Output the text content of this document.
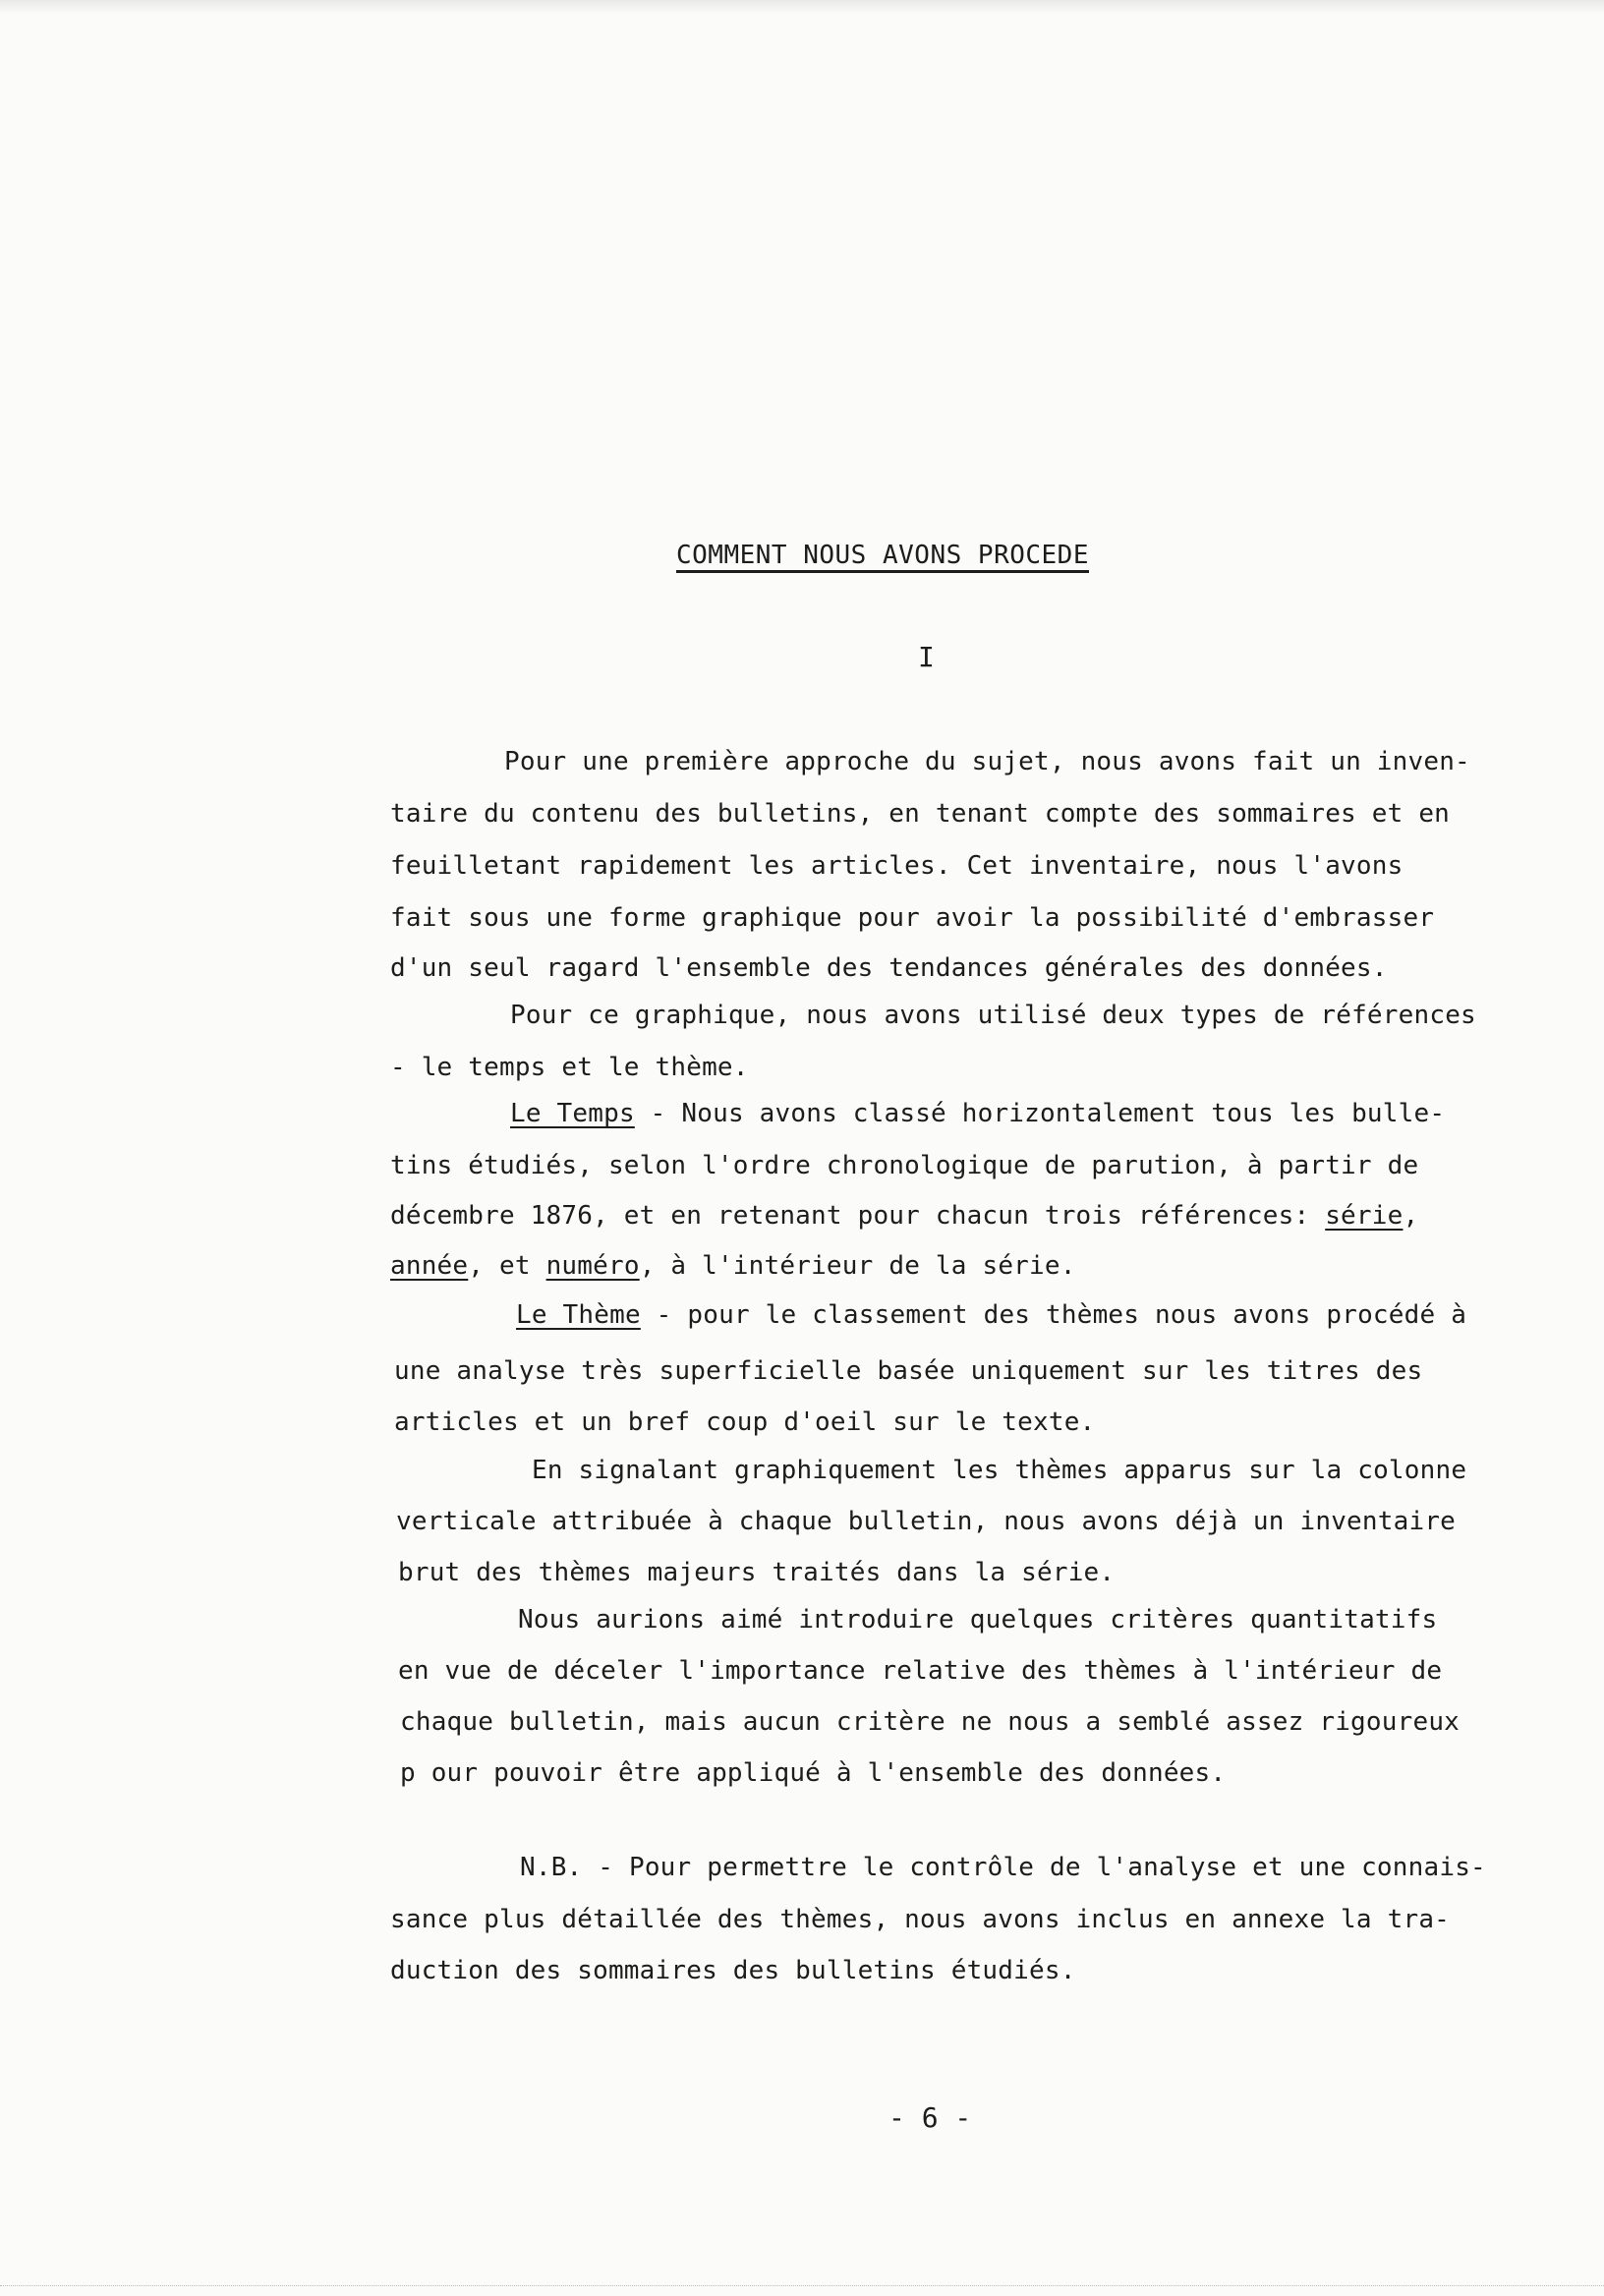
COMMENT NOUS AVONS PROCEDE
I
Pour une première approche du sujet, nous avons fait un inven-
taire du contenu des bulletins, en tenant compte des sommaires et en
feuilletant rapidement les articles. Cet inventaire, nous l'avons
fait sous une forme graphique pour avoir la possibilité d'embrasser
d'un seul ragard l'ensemble des tendances générales des données.
Pour ce graphique, nous avons utilisé deux types de références
- le temps et le thème.
Le Temps - Nous avons classé horizontalement tous les bulle-
tins étudiés, selon l'ordre chronologique de parution, à partir de
décembre 1876, et en retenant pour chacun trois références: série,
année, et numéro, à l'intérieur de la série.
Le Thème - pour le classement des thèmes nous avons procédé à
une analyse très superficielle basée uniquement sur les titres des
articles et un bref coup d'oeil sur le texte.
En signalant graphiquement les thèmes apparus sur la colonne
verticale attribuée à chaque bulletin, nous avons déjà un inventaire
brut des thèmes majeurs traités dans la série.
Nous aurions aimé introduire quelques critères quantitatifs
en vue de déceler l'importance relative des thèmes à l'intérieur de
chaque bulletin, mais aucun critère ne nous a semblé assez rigoureux
p our pouvoir être appliqué à l'ensemble des données.
N.B. - Pour permettre le contrôle de l'analyse et une connais-
sance plus détaillée des thèmes, nous avons inclus en annexe la tra-
duction des sommaires des bulletins étudiés.
- 6 -
